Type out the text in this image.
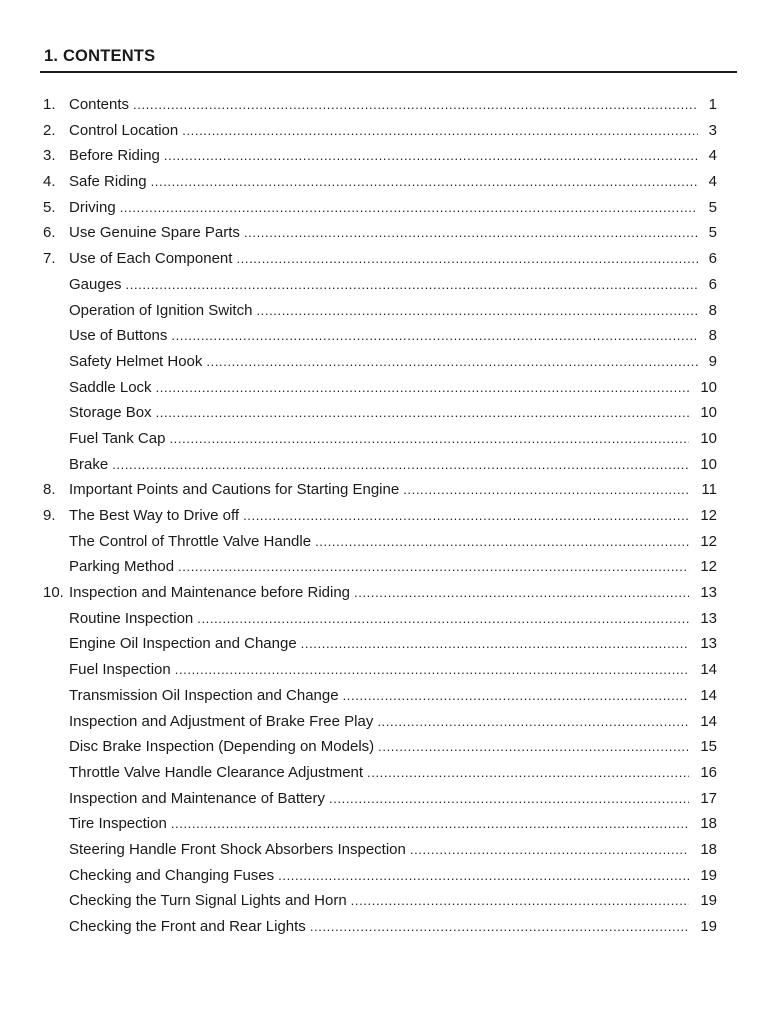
1. CONTENTS
1. Contents .....	1
2. Control Location .....	3
3. Before Riding .....	4
4. Safe Riding .....	4
5. Driving .....	5
6. Use Genuine Spare Parts .....	5
7. Use of Each Component .....	6
Gauges .....	6
Operation of Ignition Switch .....	8
Use of Buttons .....	8
Safety Helmet Hook .....	9
Saddle Lock .....	10
Storage Box .....	10
Fuel Tank Cap .....	10
Brake .....	10
8. Important Points and Cautions for Starting Engine .....	11
9. The Best Way to Drive off .....	12
The Control of Throttle Valve Handle .....	12
Parking Method .....	12
10. Inspection and Maintenance before Riding .....	13
Routine Inspection .....	13
Engine Oil Inspection and Change .....	13
Fuel Inspection .....	14
Transmission Oil Inspection and Change .....	14
Inspection and Adjustment of Brake Free Play .....	14
Disc Brake Inspection (Depending on Models) .....	15
Throttle Valve Handle Clearance Adjustment .....	16
Inspection and Maintenance of Battery .....	17
Tire Inspection .....	18
Steering Handle Front Shock Absorbers Inspection .....	18
Checking and Changing Fuses .....	19
Checking the Turn Signal Lights and Horn .....	19
Checking the Front and Rear Lights .....	19
